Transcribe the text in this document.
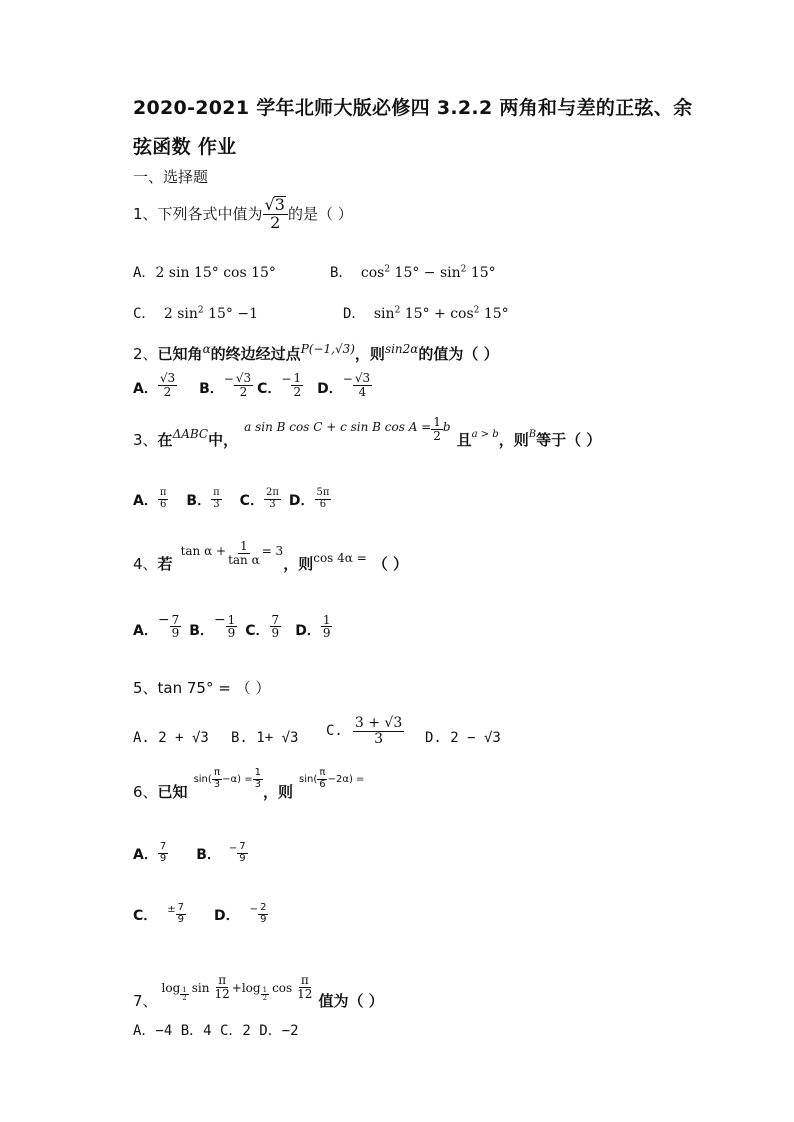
2020-2021 学年北师大版必修四 3.2.2 两角和与差的正弦、余
弦函数 作业
一、选择题
1、下列各式中值为 $\frac{√3}{2}$ 的是（ ）
A．2 sin 15° cos 15°	B． $\cos^2 15^\circ - \sin^2 15^\circ$
C． 2 $\sin^2 15^\circ -1$	D． $\sin^2 15^\circ + \cos^2 15^\circ$
2、 已知角 α 的终边经过点 P(−1,√3) ，则 sin2α 的值为（ ）
A． $\frac{√3}{2}$ B．
− $\frac{√3}{2}$ C．
− $\frac{1}{2}$ D．
− $\frac{√3}{4}$
3、 在 ΔABC 中，
a sin B cos C + c sin B $\cos A = \frac{1}{2}$ b
且 a > b ，则 B 等于（ ）
A． $\frac{\pi}{6}$ B． $\frac{\pi}{3}$ C． $\frac{2\pi}{3}$ D． $\frac{5\pi}{6}$
4、 若
$\tan \alpha + \frac{1}{\text{tan α}} = 3$
，则 cos 4α = （ ）
A．
− $\frac{7}{9}$ B．
− $\frac{1}{9}$ C． $\frac{7}{9}$ D． $\frac{1}{9}$
5、tan 75° = （ ）
A. 2 + √3 B. 1+ √3 C. $\frac{3 + √3}{3} D$. 2 − √3
6、 已知
$\sin( \frac{\pi}{3} -\alpha) = \frac{1}{3}$
，则
$\sin( \frac{\pi}{6} -2\alpha)$ =
A． $\frac{7}{9}$ B． − $\frac{7}{9}$
C． ± $\frac{7}{9}$ D． − $\frac{2}{9}$
7、
$\log \frac{1}{2}$ $\sin \frac{\pi}{12} + \log \frac{1}{2}$ $\cos \frac{\pi}{12}$
值为（ ）
A．−4 B．4 C．2 D．−2
